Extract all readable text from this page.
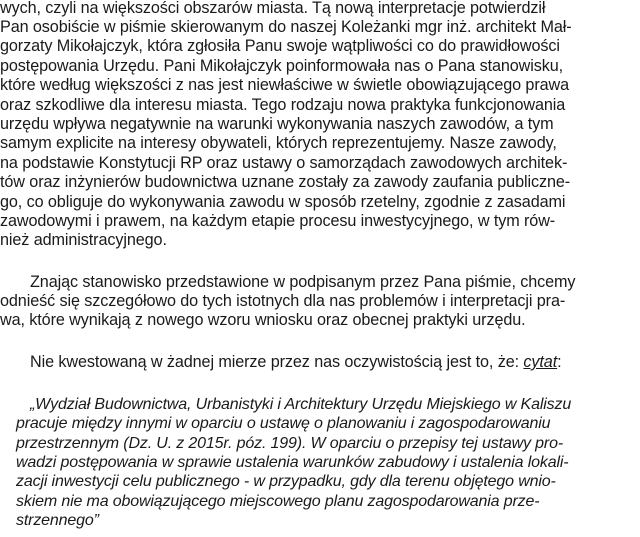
wych, czyli na większości obszarów miasta. Tą nową interpretacje potwierdził
Pan osobiście w piśmie skierowanym do naszej Koleżanki mgr inż. architekt Mał-
gorzaty Mikołajczyk, która zgłosiła Panu swoje wątpliwości co do prawidłowości
postępowania Urzędu. Pani Mikołajczyk poinformowała nas o Pana stanowisku,
które według większości z nas jest niewłaściwe w świetle obowiązującego prawa
oraz szkodliwe dla interesu miasta. Tego rodzaju nowa praktyka funkcjonowania
urzędu wpływa negatywnie na warunki wykonywania naszych zawodów, a tym
samym explicite na interesy obywateli, których reprezentujemy. Nasze zawody,
na podstawie Konstytucji RP oraz ustawy o samorządach zawodowych architek-
tów oraz inżynierów budownictwa uznane zostały za zawody zaufania publiczne-
go, co obliguje do wykonywania zawodu w sposób rzetelny, zgodnie z zasadami
zawodowymi i prawem, na każdym etapie procesu inwestycyjnego, w tym rów-
nież administracyjnego.
Znając stanowisko przedstawione w podpisanym przez Pana piśmie, chcemy
odnieść się szczegółowo do tych istotnych dla nas problemów i interpretacji pra-
wa, które wynikają z nowego wzoru wniosku oraz obecnej praktyki urzędu.
Nie kwestowaną w żadnej mierze przez nas oczywistością jest to, że: cytat:
„Wydział Budownictwa, Urbanistyki i Architektury Urzędu Miejskiego w Kaliszu
pracuje między innymi w oparciu o ustawę o planowaniu i zagospodarowaniu
przestrzennym (Dz. U. z 2015r. póz. 199). W oparciu o przepisy tej ustawy pro-
wadzi postępowania w sprawie ustalenia warunków zabudowy i ustalenia lokali-
zacji inwestycji celu publicznego - w przypadku, gdy dla terenu objętego wnio-
skiem nie ma obowiązującego miejscowego planu zagospodarowania prze-
strzennego”
